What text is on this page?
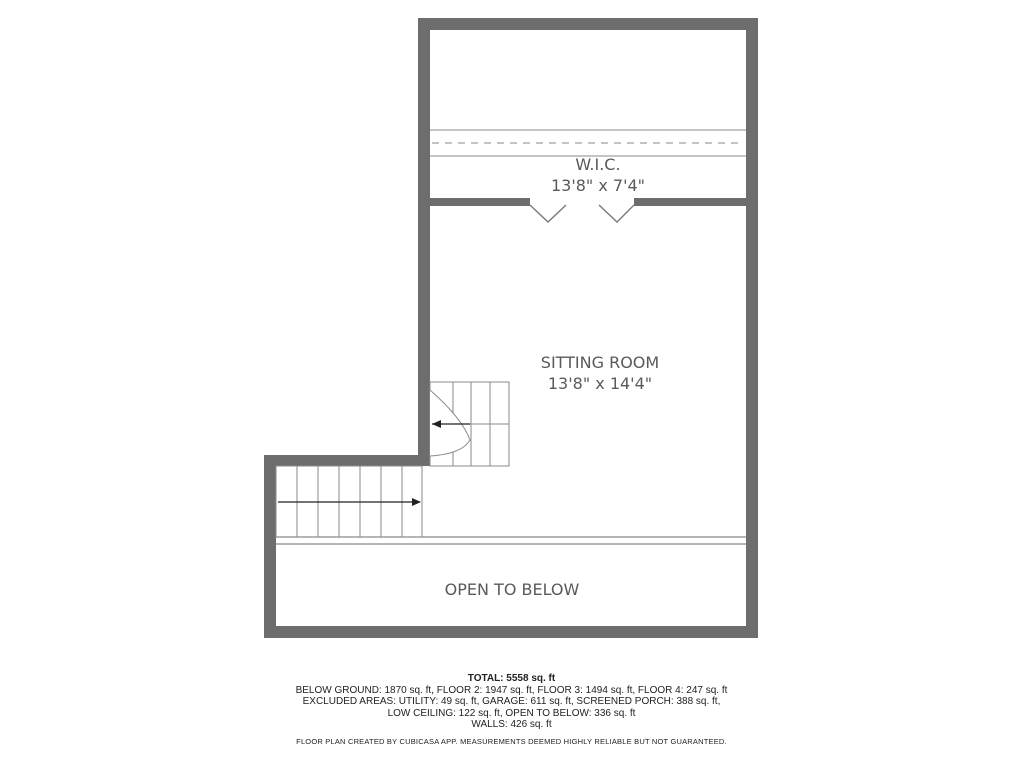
W.I.C.
13'8" x 7'4"
SITTING ROOM
13'8" x 14'4"
OPEN TO BELOW
TOTAL: 5558 sq. ft
BELOW GROUND: 1870 sq. ft, FLOOR 2: 1947 sq. ft, FLOOR 3: 1494 sq. ft, FLOOR 4: 247 sq. ft
EXCLUDED AREAS: UTILITY: 49 sq. ft, GARAGE: 611 sq. ft, SCREENED PORCH: 388 sq. ft,
LOW CEILING: 122 sq. ft, OPEN TO BELOW: 336 sq. ft
WALLS: 426 sq. ft
FLOOR PLAN CREATED BY CUBICASA APP. MEASUREMENTS DEEMED HIGHLY RELIABLE BUT NOT GUARANTEED.
